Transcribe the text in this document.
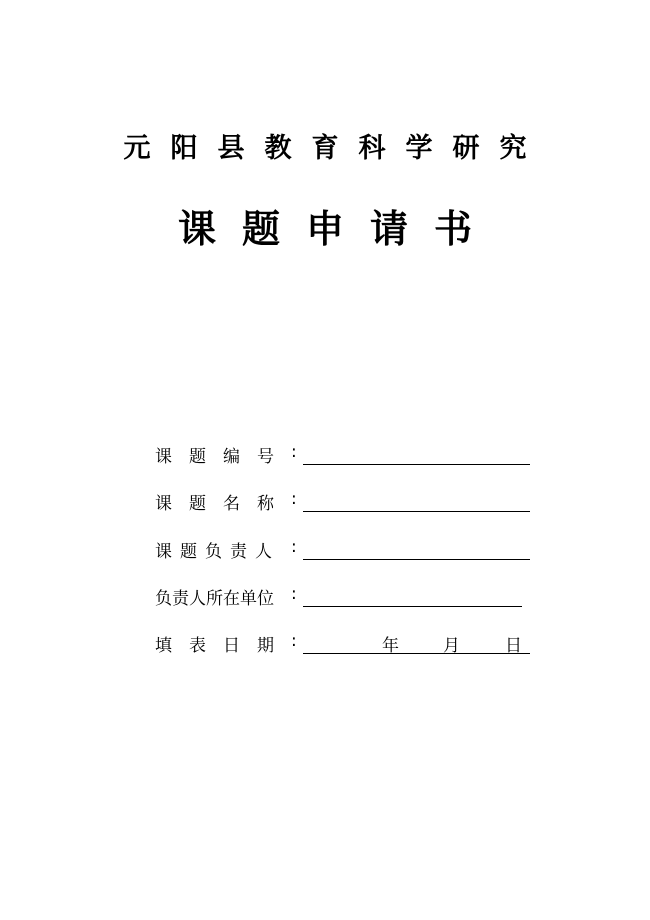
元阳县教育科学研究
课题申请书
课题编号 :
课题名称 :
课题负责人 :
负责人所在单位 :
填表日期 :	年	月	日
